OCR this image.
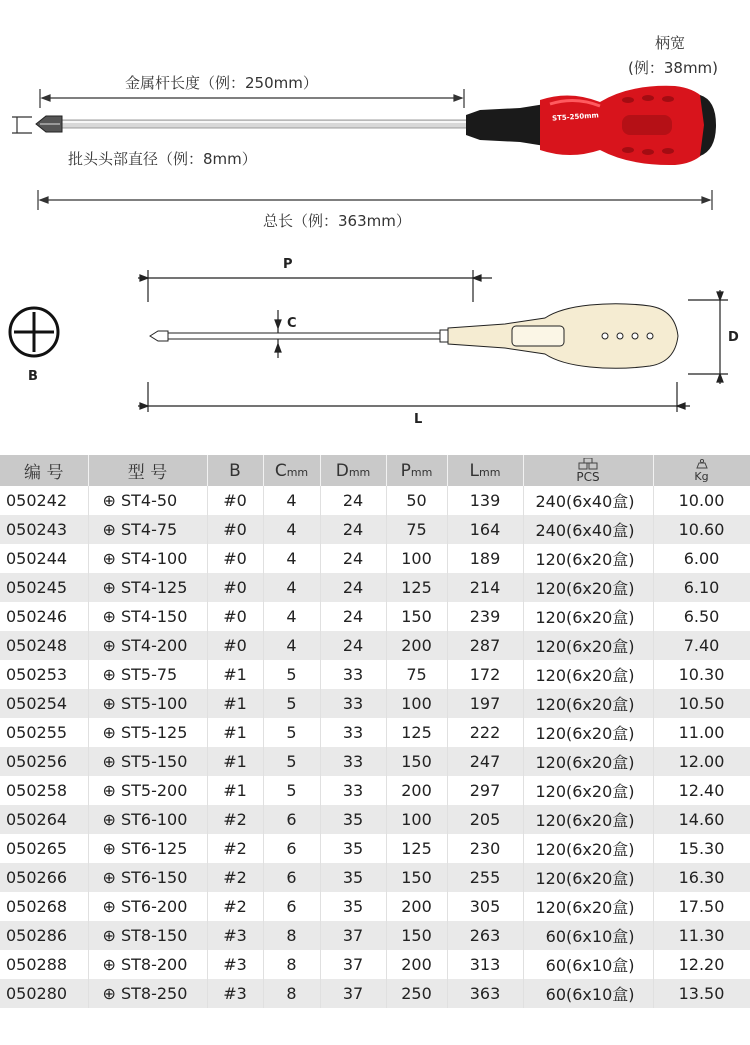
柄宽
(例：38mm)
金属杆长度（例：250mm）
批头头部直径（例：8mm）
总长（例：363mm）
ST5-250mm
B
P
C
D
L
编 号	型 号	B	Cmm	Dmm	Pmm	Lmm	PCS	Kg
050242	⊕ ST4-50	#0	4	24	50	139	240(6x40盒)	10.00
050243	⊕ ST4-75	#0	4	24	75	164	240(6x40盒)	10.60
050244	⊕ ST4-100	#0	4	24	100	189	120(6x20盒)	6.00
050245	⊕ ST4-125	#0	4	24	125	214	120(6x20盒)	6.10
050246	⊕ ST4-150	#0	4	24	150	239	120(6x20盒)	6.50
050248	⊕ ST4-200	#0	4	24	200	287	120(6x20盒)	7.40
050253	⊕ ST5-75	#1	5	33	75	172	120(6x20盒)	10.30
050254	⊕ ST5-100	#1	5	33	100	197	120(6x20盒)	10.50
050255	⊕ ST5-125	#1	5	33	125	222	120(6x20盒)	11.00
050256	⊕ ST5-150	#1	5	33	150	247	120(6x20盒)	12.00
050258	⊕ ST5-200	#1	5	33	200	297	120(6x20盒)	12.40
050264	⊕ ST6-100	#2	6	35	100	205	120(6x20盒)	14.60
050265	⊕ ST6-125	#2	6	35	125	230	120(6x20盒)	15.30
050266	⊕ ST6-150	#2	6	35	150	255	120(6x20盒)	16.30
050268	⊕ ST6-200	#2	6	35	200	305	120(6x20盒)	17.50
050286	⊕ ST8-150	#3	8	37	150	263	60(6x10盒)	11.30
050288	⊕ ST8-200	#3	8	37	200	313	60(6x10盒)	12.20
050280	⊕ ST8-250	#3	8	37	250	363	60(6x10盒)	13.50
